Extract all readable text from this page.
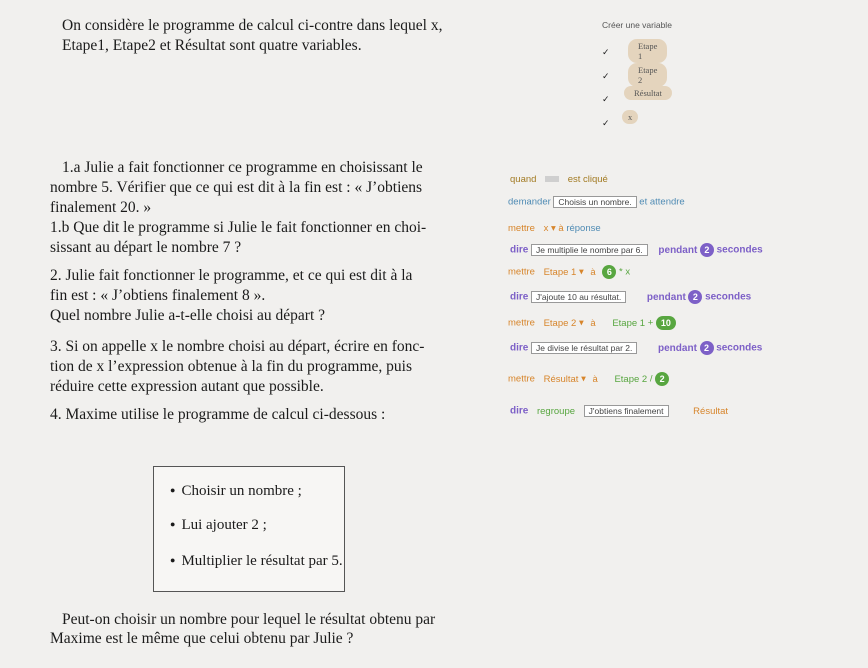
On considère le programme de calcul ci-contre dans lequel x,
Etape1, Etape2 et Résultat sont quatre variables.
Créer une variable
✓
Etape 1
✓
Etape 2
✓
Résultat
✓
x
1.a Julie a fait fonctionner ce programme en choisissant le
nombre 5. Vérifier que ce qui est dit à la fin est : « J’obtiens
finalement 20. »
1.b Que dit le programme si Julie le fait fonctionner en choi-
sissant au départ le nombre 7 ?
2. Julie fait fonctionner le programme, et ce qui est dit à la
fin est : « J’obtiens finalement 8 ».
Quel nombre Julie a-t-elle choisi au départ ?
3. Si on appelle x le nombre choisi au départ, écrire en fonc-
tion de x l’expression obtenue à la fin du programme, puis
réduire cette expression autant que possible.
4. Maxime utilise le programme de calcul ci-dessous :
quand	est cliqué
demander Choisis un nombre. et attendre
mettre x ▾ à réponse
dire Je multiplie le nombre par 6. pendant 2 secondes
mettre Etape 1 ▾ à 6 * x
dire J'ajoute 10 au résultat.	pendant 2 secondes
mettre Etape 2 ▾ à Etape 1 + 10
dire Je divise le résultat par 2.	pendant 2 secondes
mettre Résultat ▾ à Etape 2 / 2
dire regroupe J'obtiens finalement	Résultat
● Choisir un nombre ;
● Lui ajouter 2 ;
● Multiplier le résultat par 5.
Peut-on choisir un nombre pour lequel le résultat obtenu par
Maxime est le même que celui obtenu par Julie ?
